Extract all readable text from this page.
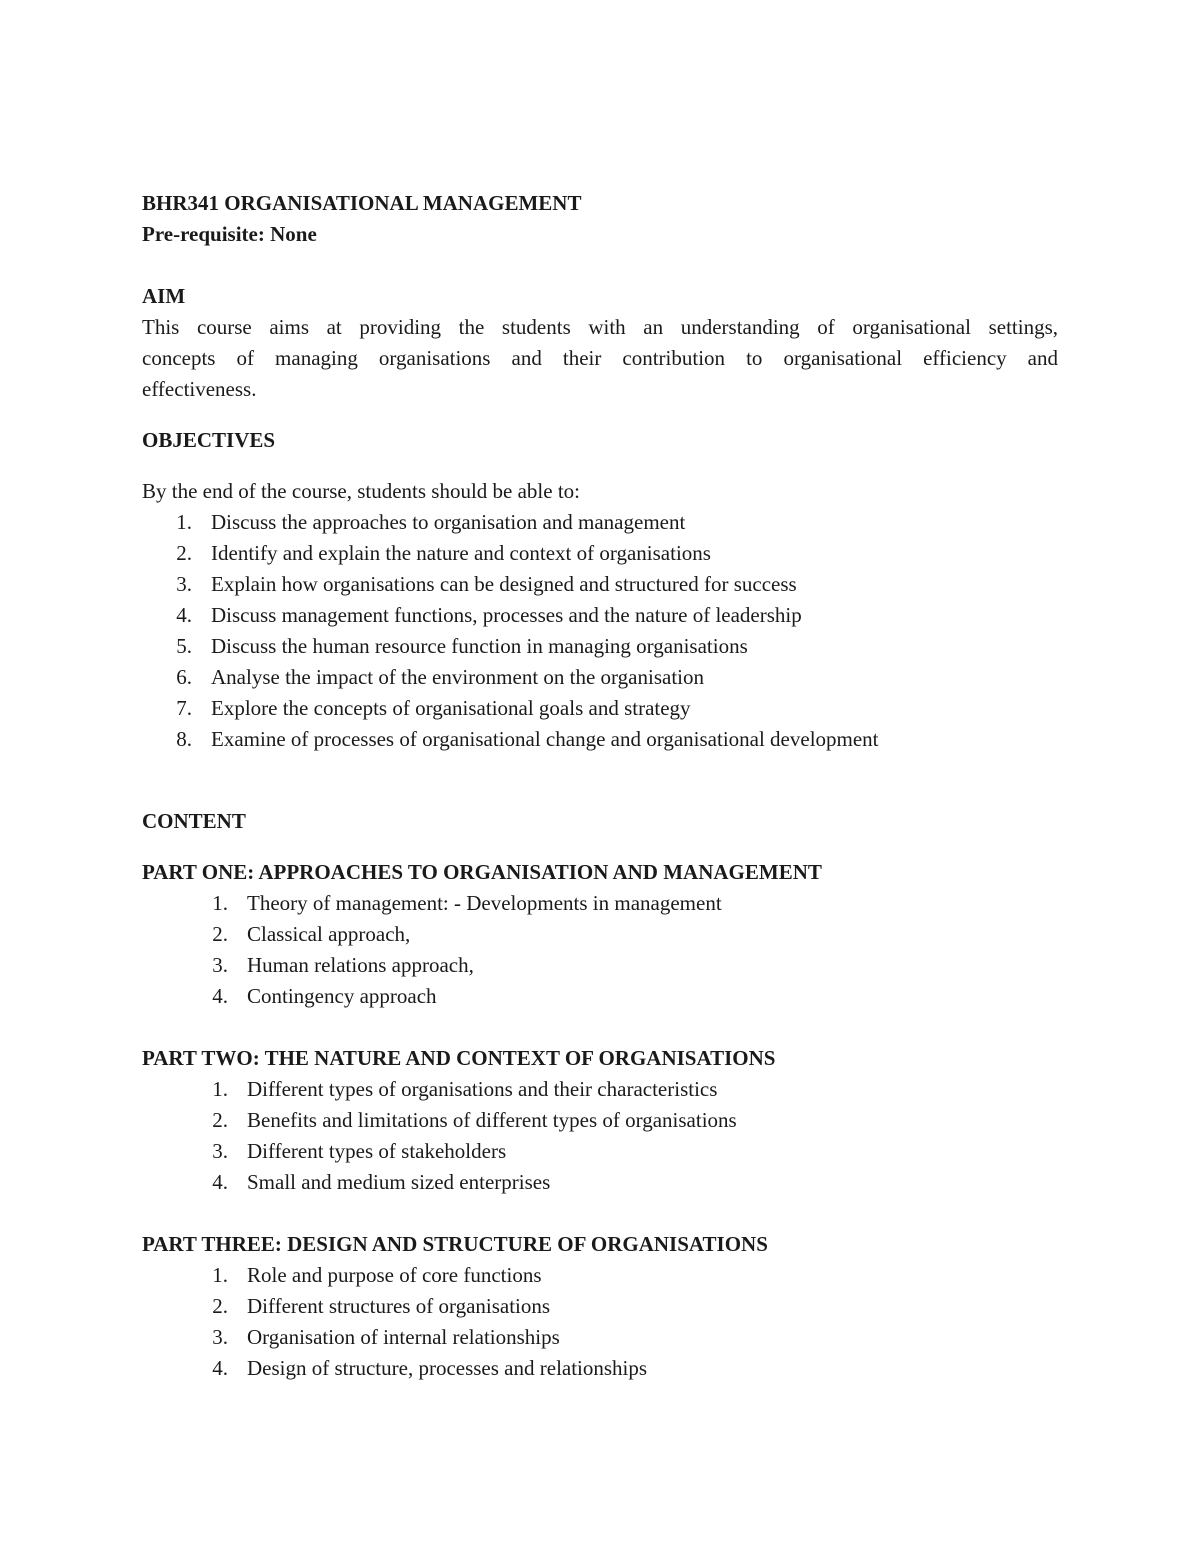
BHR341 ORGANISATIONAL MANAGEMENT
Pre-requisite: None
AIM
This course aims at providing the students with an understanding of organisational settings,
concepts of managing organisations and their contribution to organisational efficiency and
effectiveness.
OBJECTIVES
By the end of the course, students should be able to:
1. Discuss the approaches to organisation and management
2. Identify and explain the nature and context of organisations
3. Explain how organisations can be designed and structured for success
4. Discuss management functions, processes and the nature of leadership
5. Discuss the human resource function in managing organisations
6. Analyse the impact of the environment on the organisation
7. Explore the concepts of organisational goals and strategy
8. Examine of processes of organisational change and organisational development
CONTENT
PART ONE: APPROACHES TO ORGANISATION AND MANAGEMENT
1. Theory of management: - Developments in management
2. Classical approach,
3. Human relations approach,
4. Contingency approach
PART TWO: THE NATURE AND CONTEXT OF ORGANISATIONS
1. Different types of organisations and their characteristics
2. Benefits and limitations of different types of organisations
3. Different types of stakeholders
4. Small and medium sized enterprises
PART THREE: DESIGN AND STRUCTURE OF ORGANISATIONS
1. Role and purpose of core functions
2. Different structures of organisations
3. Organisation of internal relationships
4. Design of structure, processes and relationships
